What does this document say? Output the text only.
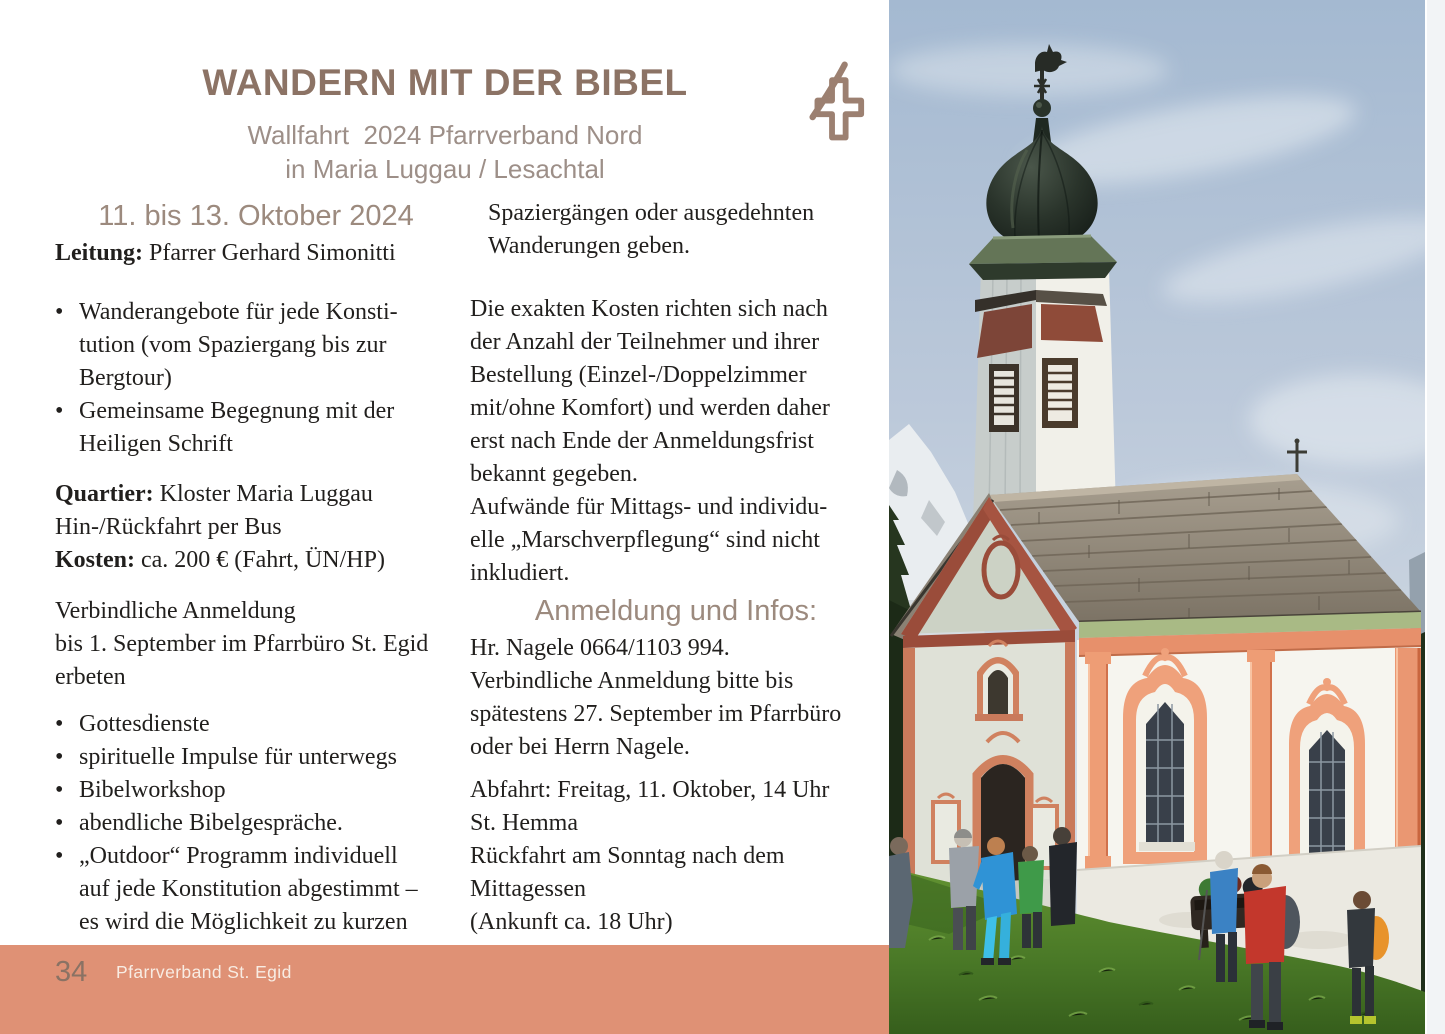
WANDERN MIT DER BIBEL
Wallfahrt  2024 Pfarrverband Nord
in Maria Luggau / Lesachtal
11. bis 13. Oktober 2024
Leitung: Pfarrer Gerhard Simonitti
• Wanderangebote für jede Konsti-
tution (vom Spaziergang bis zur
Bergtour)
• Gemeinsame Begegnung mit der
Heiligen Schrift
Quartier: Kloster Maria Luggau
Hin-/Rückfahrt per Bus
Kosten: ca. 200 € (Fahrt, ÜN/HP)
Verbindliche Anmeldung
bis 1. September im Pfarrbüro St. Egid
erbeten
• Gottesdienste
• spirituelle Impulse für unterwegs
• Bibelworkshop
• abendliche Bibelgespräche.
• „Outdoor“ Programm individuell
auf jede Konstitution abgestimmt –
es wird die Möglichkeit zu kurzen
Spaziergängen oder ausgedehnten
Wanderungen geben.
Die exakten Kosten richten sich nach
der Anzahl der Teilnehmer und ihrer
Bestellung (Einzel-/Doppelzimmer
mit/ohne Komfort) und werden daher
erst nach Ende der Anmeldungsfrist
bekannt gegeben.
Aufwände für Mittags- und individu-
elle „Marschverpflegung“ sind nicht
inkludiert.
Anmeldung und Infos:
Hr. Nagele 0664/1103 994.
Verbindliche Anmeldung bitte bis
spätestens 27. September im Pfarrbüro
oder bei Herrn Nagele.
Abfahrt: Freitag, 11. Oktober, 14 Uhr
St. Hemma
Rückfahrt am Sonntag nach dem
Mittagessen
(Ankunft ca. 18 Uhr)
34 Pfarrverband St. Egid
